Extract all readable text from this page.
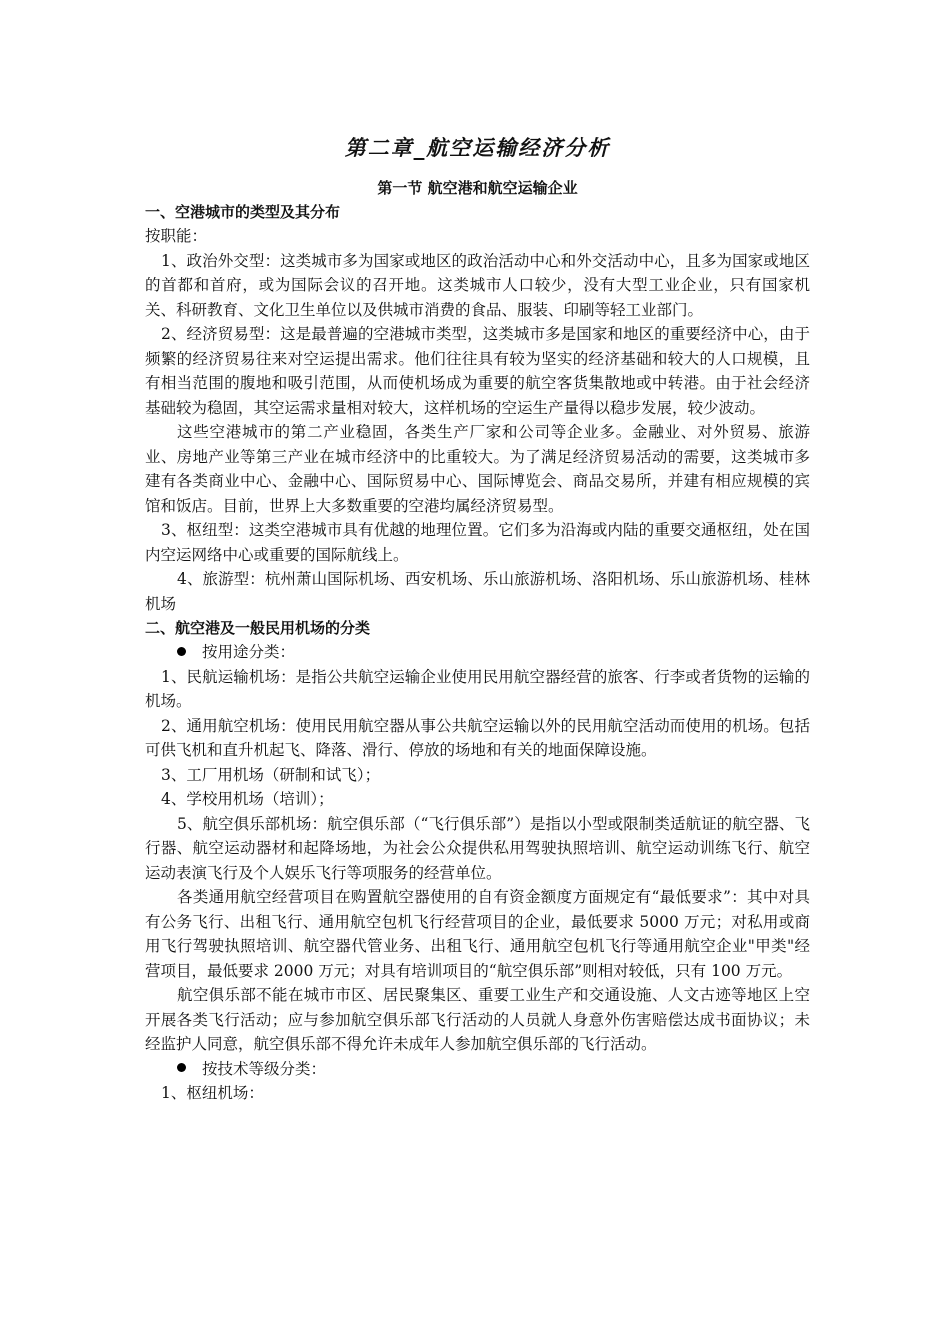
第二章_航空运输经济分析
第一节 航空港和航空运输企业
一、空港城市的类型及其分布

按职能：

1、政治外交型：这类城市多为国家或地区的政治活动中心和外交活动中心，且多为国家或地区的首都和首府，或为国际会议的召开地。这类城市人口较少，没有大型工业企业，只有国家机关、科研教育、文化卫生单位以及供城市消费的食品、服装、印刷等轻工业部门。

2、经济贸易型：这是最普遍的空港城市类型，这类城市多是国家和地区的重要经济中心，由于频繁的经济贸易往来对空运提出需求。他们往往具有较为坚实的经济基础和较大的人口规模，且有相当范围的腹地和吸引范围，从而使机场成为重要的航空客货集散地或中转港。由于社会经济基础较为稳固，其空运需求量相对较大，这样机场的空运生产量得以稳步发展，较少波动。

这些空港城市的第二产业稳固，各类生产厂家和公司等企业多。金融业、对外贸易、旅游业、房地产业等第三产业在城市经济中的比重较大。为了满足经济贸易活动的需要，这类城市多建有各类商业中心、金融中心、国际贸易中心、国际博览会、商品交易所，并建有相应规模的宾馆和饭店。目前，世界上大多数重要的空港均属经济贸易型。

3、枢纽型：这类空港城市具有优越的地理位置。它们多为沿海或内陆的重要交通枢纽，处在国内空运网络中心或重要的国际航线上。

4、旅游型：杭州萧山国际机场、西安机场、乐山旅游机场、洛阳机场、乐山旅游机场、桂林机场

二、航空港及一般民用机场的分类

按用途分类：

1、民航运输机场：是指公共航空运输企业使用民用航空器经营的旅客、行李或者货物的运输的机场。

2、通用航空机场：使用民用航空器从事公共航空运输以外的民用航空活动而使用的机场。包括可供飞机和直升机起飞、降落、滑行、停放的场地和有关的地面保障设施。

3、工厂用机场（研制和试飞）；

4、学校用机场（培训）；

5、航空俱乐部机场：航空俱乐部（“飞行俱乐部”）是指以小型或限制类适航证的航空器、飞行器、航空运动器材和起降场地，为社会公众提供私用驾驶执照培训、航空运动训练飞行、航空运动表演飞行及个人娱乐飞行等项服务的经营单位。

各类通用航空经营项目在购置航空器使用的自有资金额度方面规定有“最低要求”：其中对具有公务飞行、出租飞行、通用航空包机飞行经营项目的企业，最低要求 5000 万元；对私用或商用飞行驾驶执照培训、航空器代管业务、出租飞行、通用航空包机飞行等通用航空企业"甲类"经营项目，最低要求 2000 万元；对具有培训项目的“航空俱乐部”则相对较低，只有 100 万元。

航空俱乐部不能在城市市区、居民聚集区、重要工业生产和交通设施、人文古迹等地区上空开展各类飞行活动；应与参加航空俱乐部飞行活动的人员就人身意外伤害赔偿达成书面协议；未经监护人同意，航空俱乐部不得允许未成年人参加航空俱乐部的飞行活动。

按技术等级分类：

1、枢纽机场：
